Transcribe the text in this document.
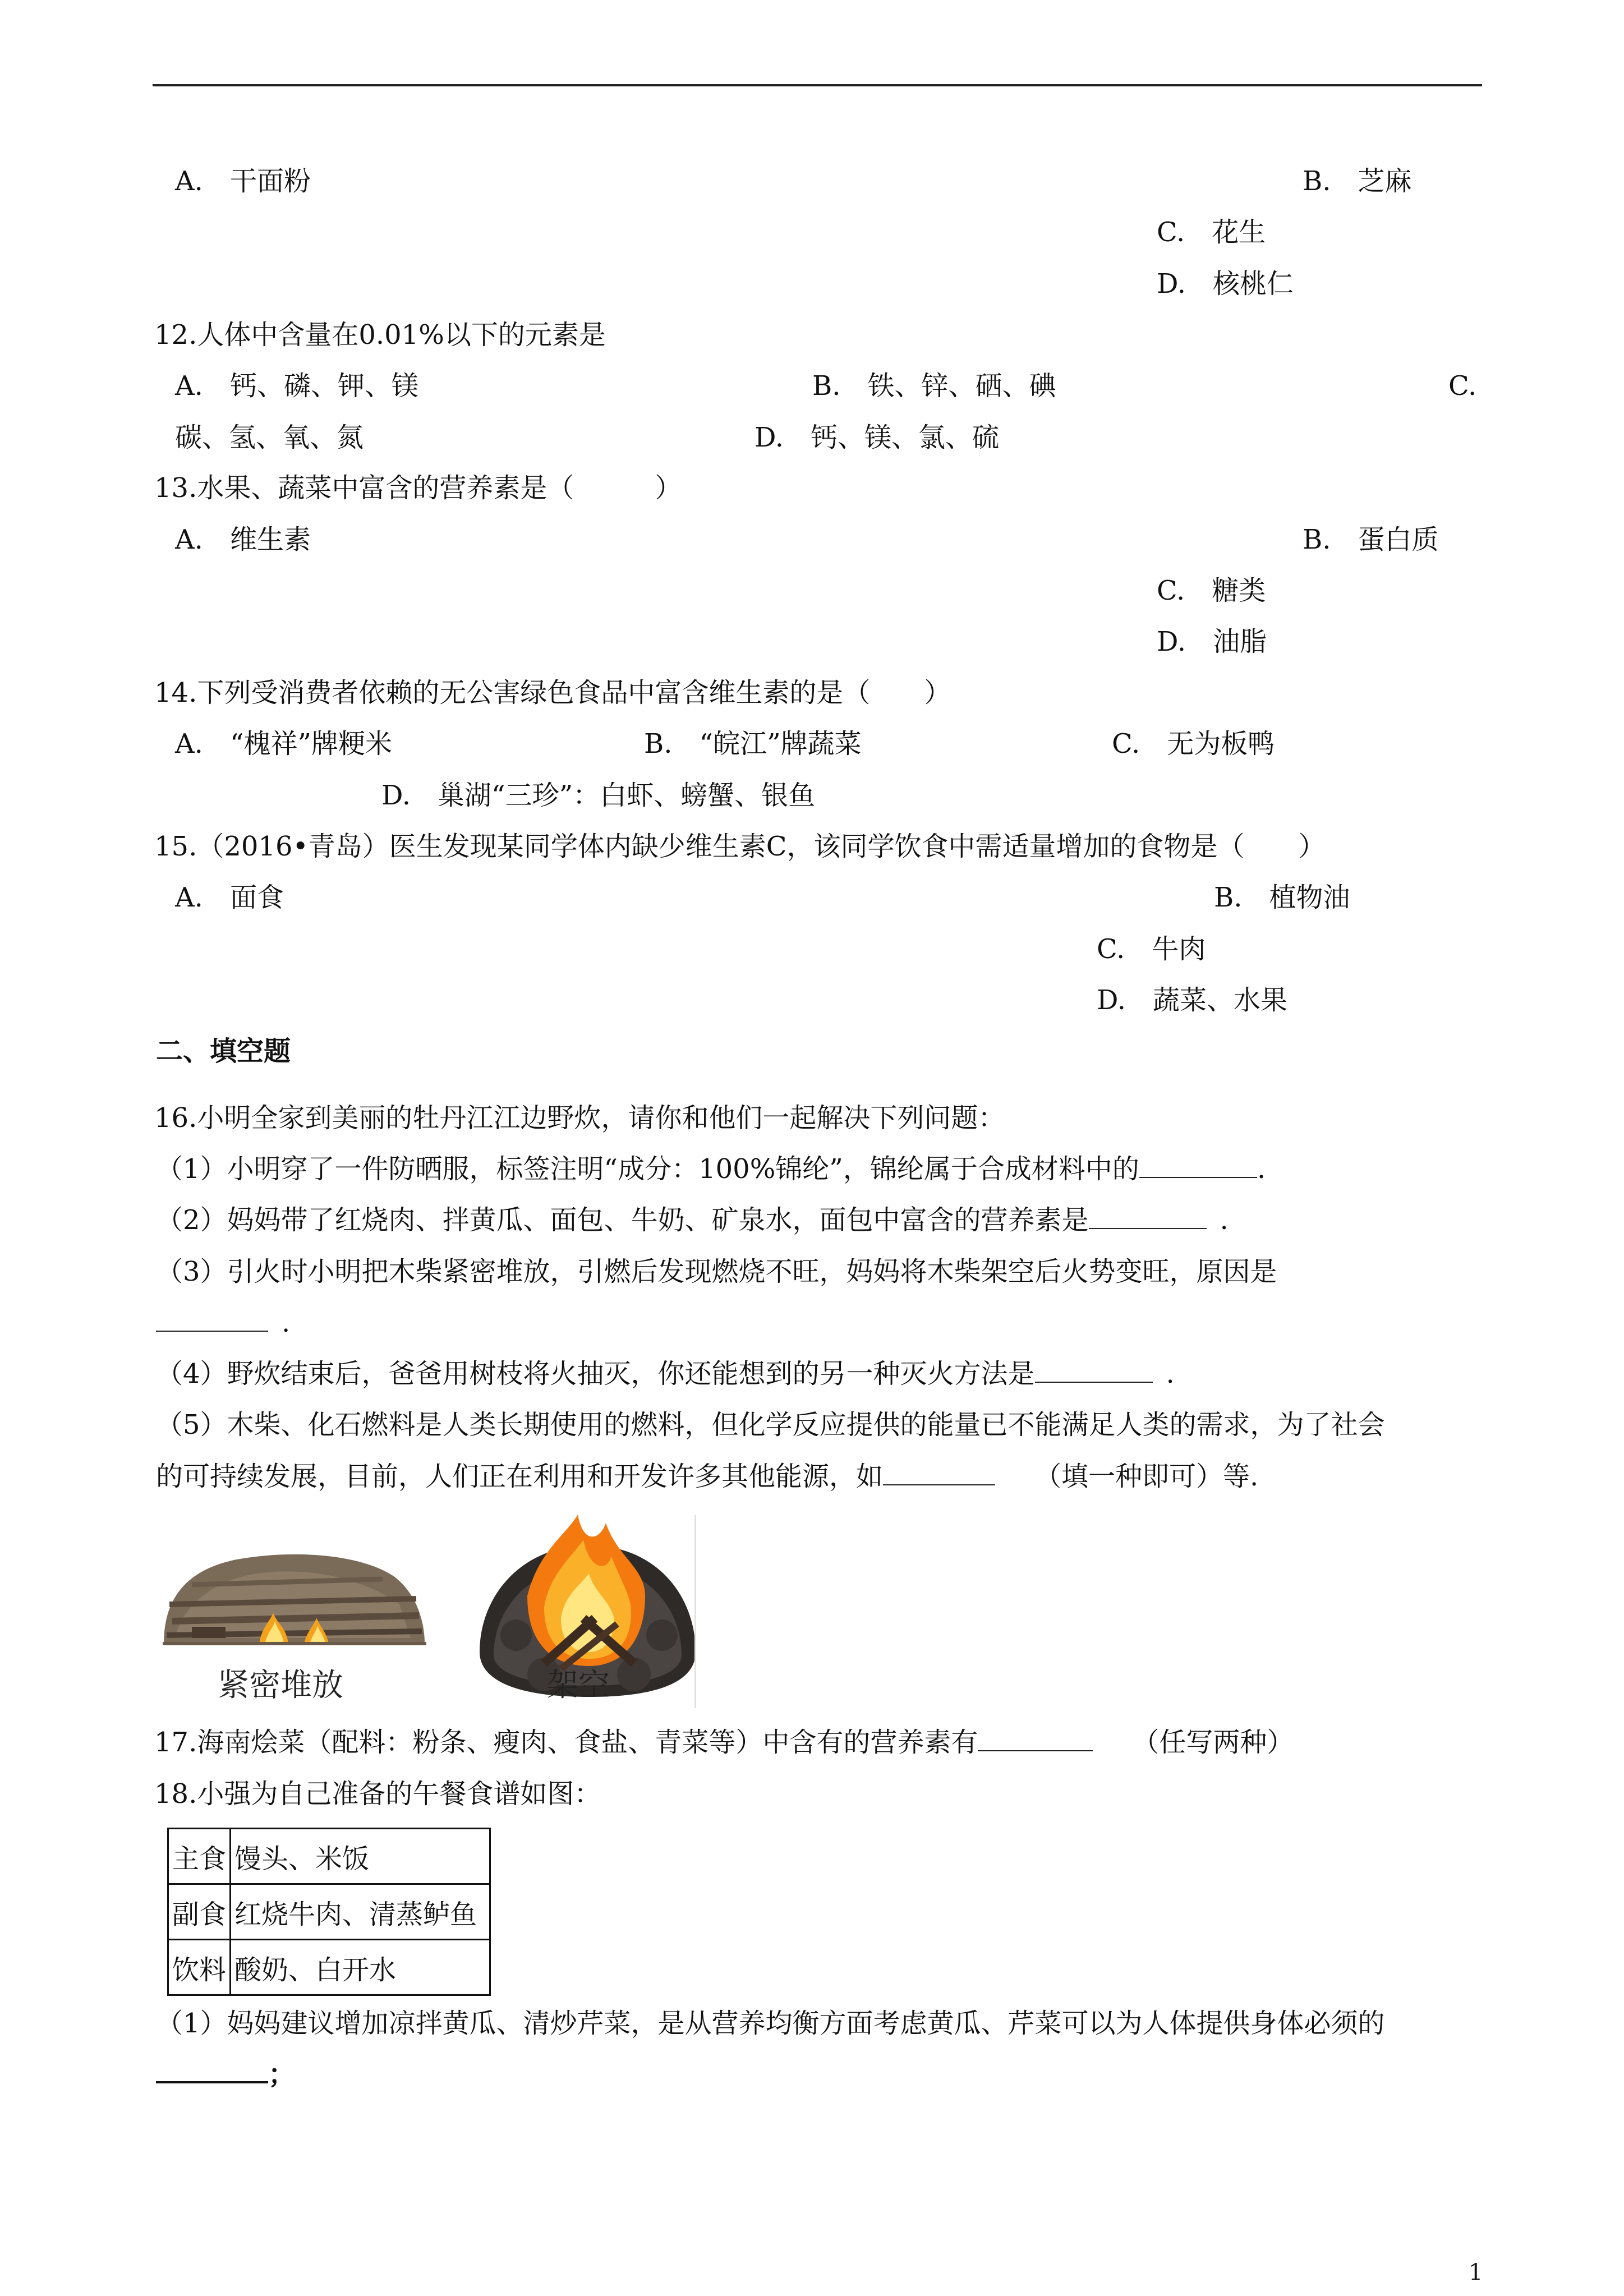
A.　 干面粉	B.　 芝麻
C.　 花生
D.　 核桃仁
12.人体中含量在0.01%以下的元素是
A.　 钙、磷、钾、镁	B.　 铁、锌、硒、碘	C.
碳、氢、氧、氮	D.　 钙、镁、氯、硫
13.水果、蔬菜中富含的营养素是（　　　）
A.　 维生素	B.　 蛋白质
C.　 糖类
D.　 油脂
14.下列受消费者依赖的无公害绿色食品中富含维生素的是（　　）
A.　 “槐祥”牌粳米	B.　 “皖江”牌蔬菜	C.　 无为板鸭
D.　 巢湖“三珍”：白虾、螃蟹、银鱼
15.（2016•青岛）医生发现某同学体内缺少维生素C，该同学饮食中需适量增加的食物是（　　）
A.　 面食	B.　 植物油
C.　 牛肉
D.　 蔬菜、水果
二、填空题
16.小明全家到美丽的牡丹江江边野炊，请你和他们一起解决下列问题：
（1）小明穿了一件防晒服，标签注明“成分：100%锦纶”，锦纶属于合成材料中的	.
（2）妈妈带了红烧肉、拌黄瓜、面包、牛奶、矿泉水，面包中富含的营养素是	.
（3）引火时小明把木柴紧密堆放，引燃后发现燃烧不旺，妈妈将木柴架空后火势变旺，原因是
.
（4）野炊结束后，爸爸用树枝将火抽灭，你还能想到的另一种灭火方法是	.
（5）木柴、化石燃料是人类长期使用的燃料，但化学反应提供的能量已不能满足人类的需求，为了社会
的可持续发展，目前，人们正在利用和开发许多其他能源，如	（填一种即可）等.
紧密堆放	架空
17.海南烩菜（配料：粉条、瘦肉、食盐、青菜等）中含有的营养素有	（任写两种）
18.小强为自己准备的午餐食谱如图：
主食	馒头、米饭
副食	红烧牛肉、清蒸鲈鱼
饮料	酸奶、白开水
（1）妈妈建议增加凉拌黄瓜、清炒芹菜，是从营养均衡方面考虑黄瓜、芹菜可以为人体提供身体必须的
；
1
